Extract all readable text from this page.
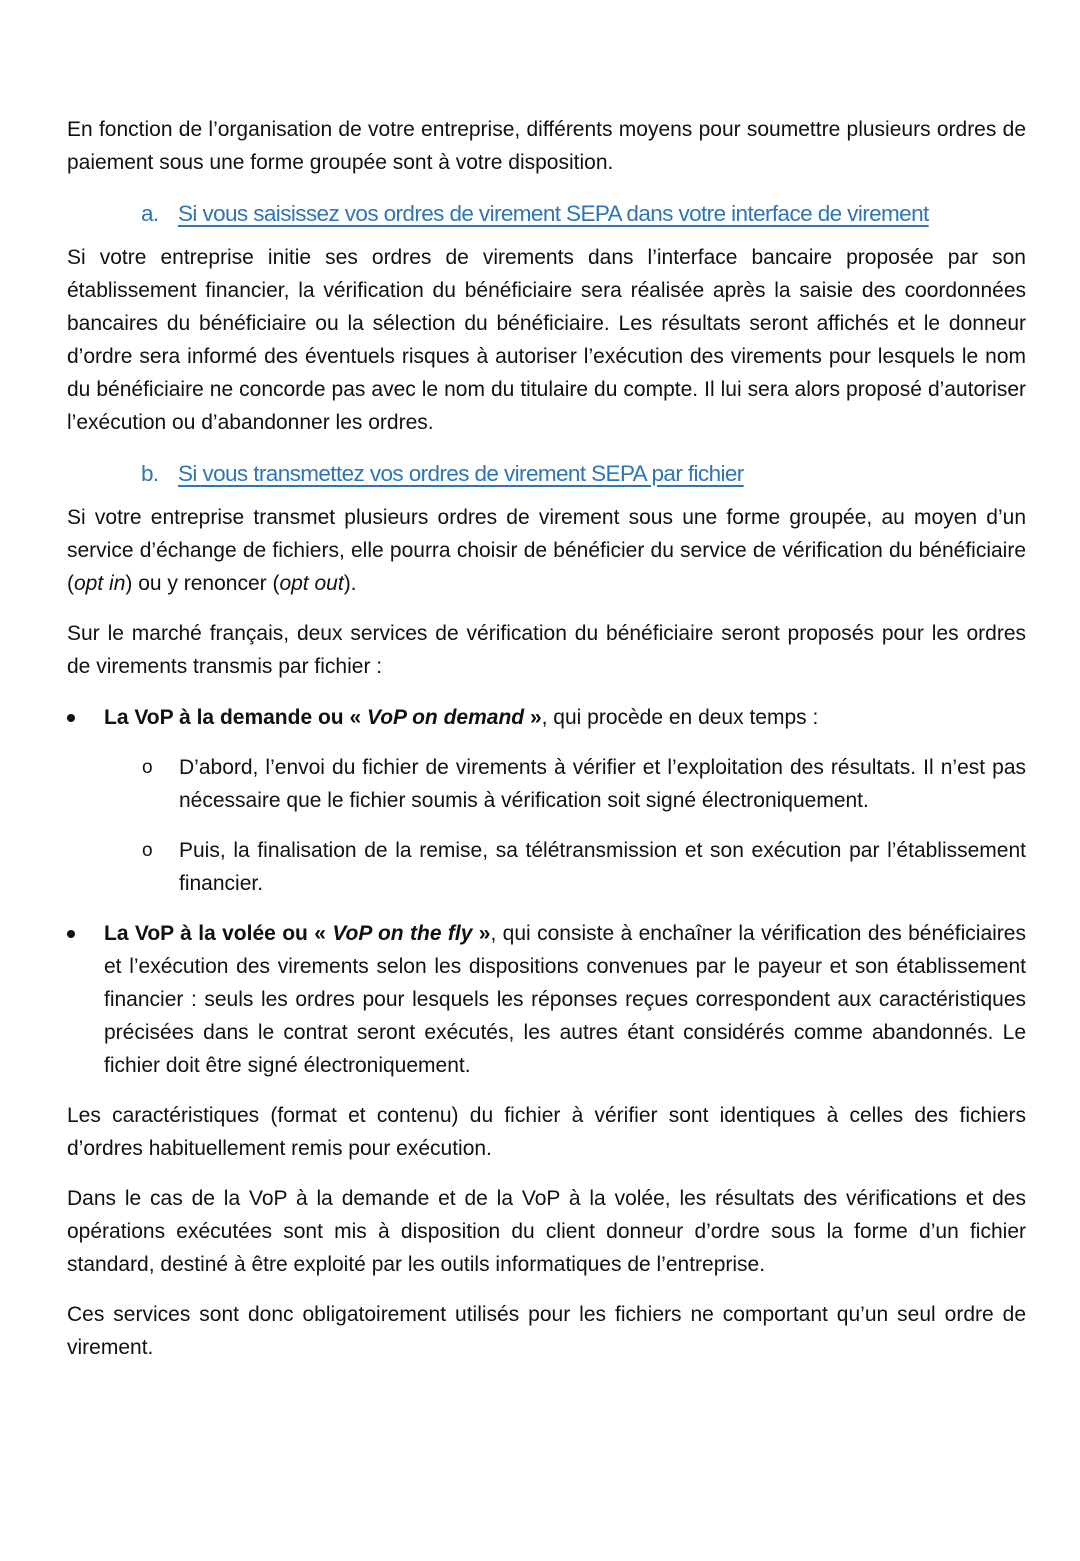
En fonction de l’organisation de votre entreprise, différents moyens pour soumettre plusieurs ordres de paiement sous une forme groupée sont à votre disposition.

a. Si vous saisissez vos ordres de virement SEPA dans votre interface de virement

Si votre entreprise initie ses ordres de virements dans l’interface bancaire proposée par son établissement financier, la vérification du bénéficiaire sera réalisée après la saisie des coordonnées bancaires du bénéficiaire ou la sélection du bénéficiaire. Les résultats seront affichés et le donneur d’ordre sera informé des éventuels risques à autoriser l’exécution des virements pour lesquels le nom du bénéficiaire ne concorde pas avec le nom du titulaire du compte. Il lui sera alors proposé d’autoriser l’exécution ou d’abandonner les ordres.

b. Si vous transmettez vos ordres de virement SEPA par fichier

Si votre entreprise transmet plusieurs ordres de virement sous une forme groupée, au moyen d’un service d’échange de fichiers, elle pourra choisir de bénéficier du service de vérification du bénéficiaire (opt in) ou y renoncer (opt out).

Sur le marché français, deux services de vérification du bénéficiaire seront proposés pour les ordres de virements transmis par fichier :

La VoP à la demande ou « VoP on demand », qui procède en deux temps :

o D’abord, l’envoi du fichier de virements à vérifier et l’exploitation des résultats. Il n’est pas nécessaire que le fichier soumis à vérification soit signé électroniquement.

o Puis, la finalisation de la remise, sa télétransmission et son exécution par l’établissement financier.

La VoP à la volée ou « VoP on the fly », qui consiste à enchaîner la vérification des bénéficiaires et l’exécution des virements selon les dispositions convenues par le payeur et son établissement financier : seuls les ordres pour lesquels les réponses reçues correspondent aux caractéristiques précisées dans le contrat seront exécutés, les autres étant considérés comme abandonnés. Le fichier doit être signé électroniquement.

Les caractéristiques (format et contenu) du fichier à vérifier sont identiques à celles des fichiers d’ordres habituellement remis pour exécution.

Dans le cas de la VoP à la demande et de la VoP à la volée, les résultats des vérifications et des opérations exécutées sont mis à disposition du client donneur d’ordre sous la forme d’un fichier standard, destiné à être exploité par les outils informatiques de l’entreprise.

Ces services sont donc obligatoirement utilisés pour les fichiers ne comportant qu’un seul ordre de virement.
